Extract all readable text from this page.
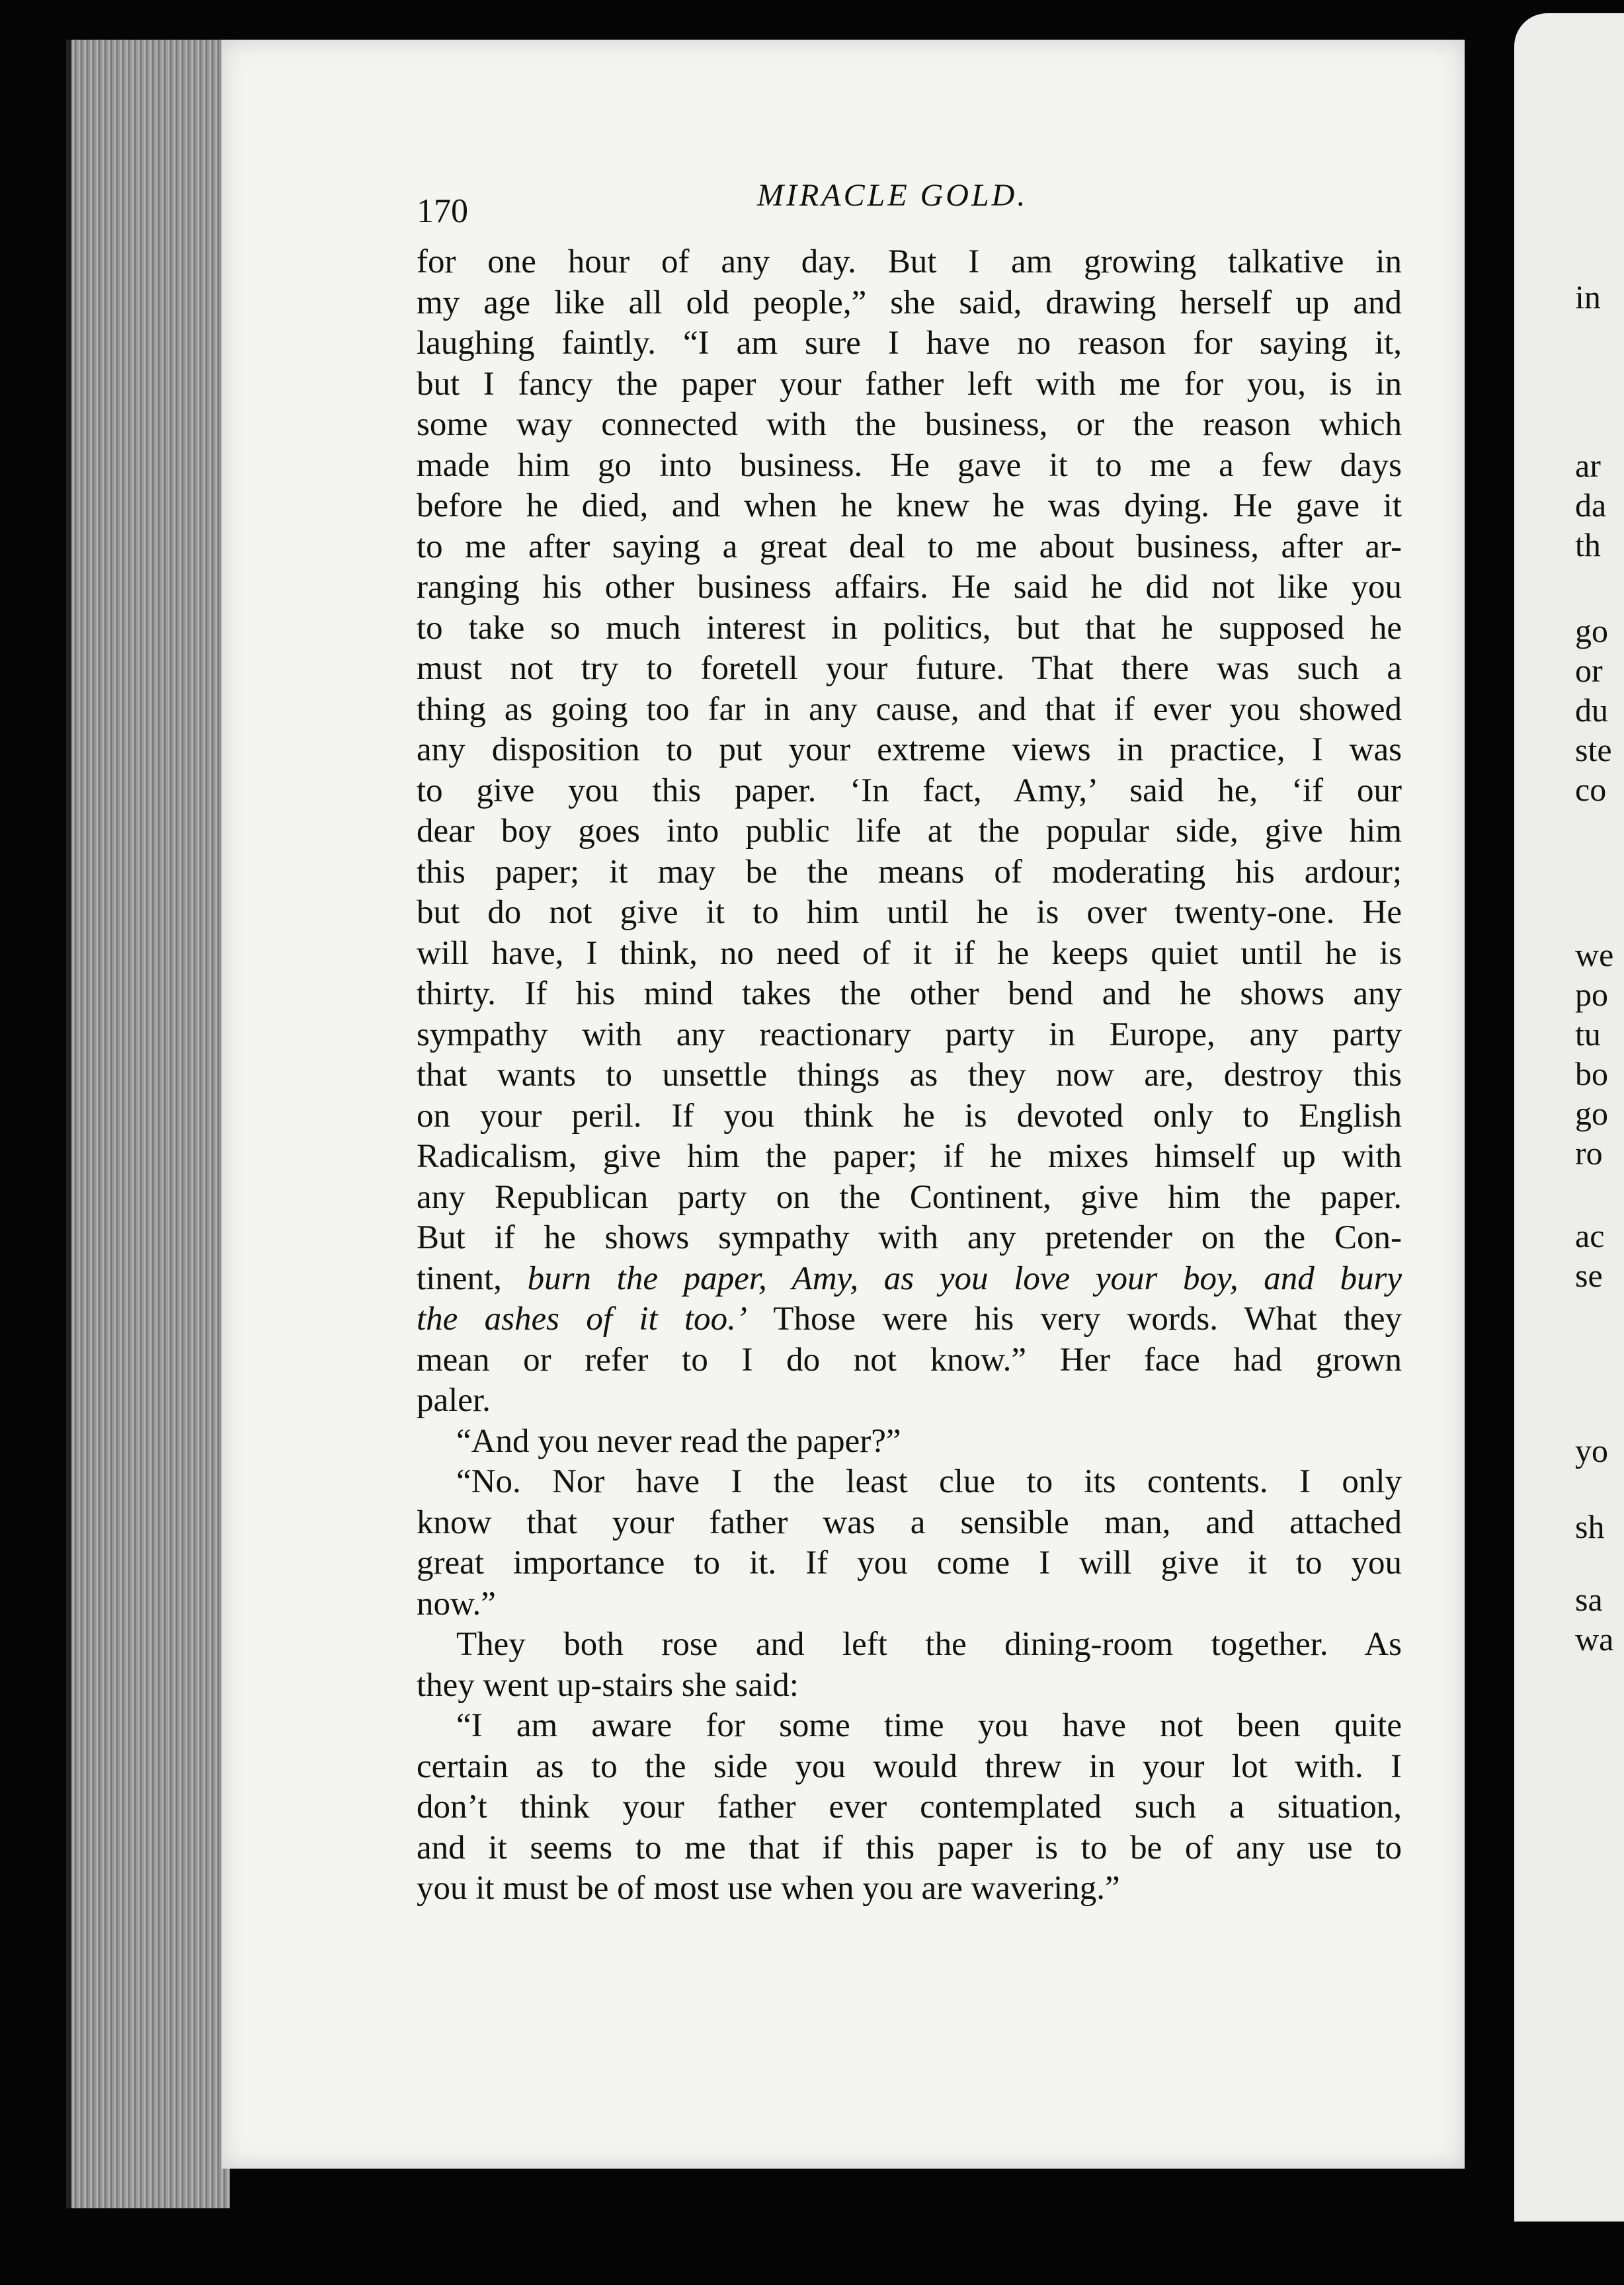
in
ar
da
th
go
or
du
ste
co
we
po
tu
bo
go
ro
ac
se
yo
sh
sa
wa
170	MIRACLE GOLD.
for one hour of any day. But I am growing talkative in
my age like all old people,” she said, drawing herself up and
laughing faintly. “I am sure I have no reason for saying it,
but I fancy the paper your father left with me for you, is in
some way connected with the business, or the reason which
made him go into business. He gave it to me a few days
before he died, and when he knew he was dying. He gave it
to me after saying a great deal to me about business, after ar-
ranging his other business affairs. He said he did not like you
to take so much interest in politics, but that he supposed he
must not try to foretell your future. That there was such a
thing as going too far in any cause, and that if ever you showed
any disposition to put your extreme views in practice, I was
to give you this paper. ‘In fact, Amy,’ said he, ‘if our
dear boy goes into public life at the popular side, give him
this paper; it may be the means of moderating his ardour;
but do not give it to him until he is over twenty-one. He
will have, I think, no need of it if he keeps quiet until he is
thirty. If his mind takes the other bend and he shows any
sympathy with any reactionary party in Europe, any party
that wants to unsettle things as they now are, destroy this
on your peril. If you think he is devoted only to English
Radicalism, give him the paper; if he mixes himself up with
any Republican party on the Continent, give him the paper.
But if he shows sympathy with any pretender on the Con-
tinent, burn the paper, Amy, as you love your boy, and bury
the ashes of it too.’ Those were his very words. What they
mean or refer to I do not know.” Her face had grown
paler.
“And you never read the paper?”
“No. Nor have I the least clue to its contents. I only
know that your father was a sensible man, and attached
great importance to it. If you come I will give it to you
now.”
They both rose and left the dining-room together. As
they went up-stairs she said:
“I am aware for some time you have not been quite
certain as to the side you would threw in your lot with. I
don’t think your father ever contemplated such a situation,
and it seems to me that if this paper is to be of any use to
you it must be of most use when you are wavering.”
